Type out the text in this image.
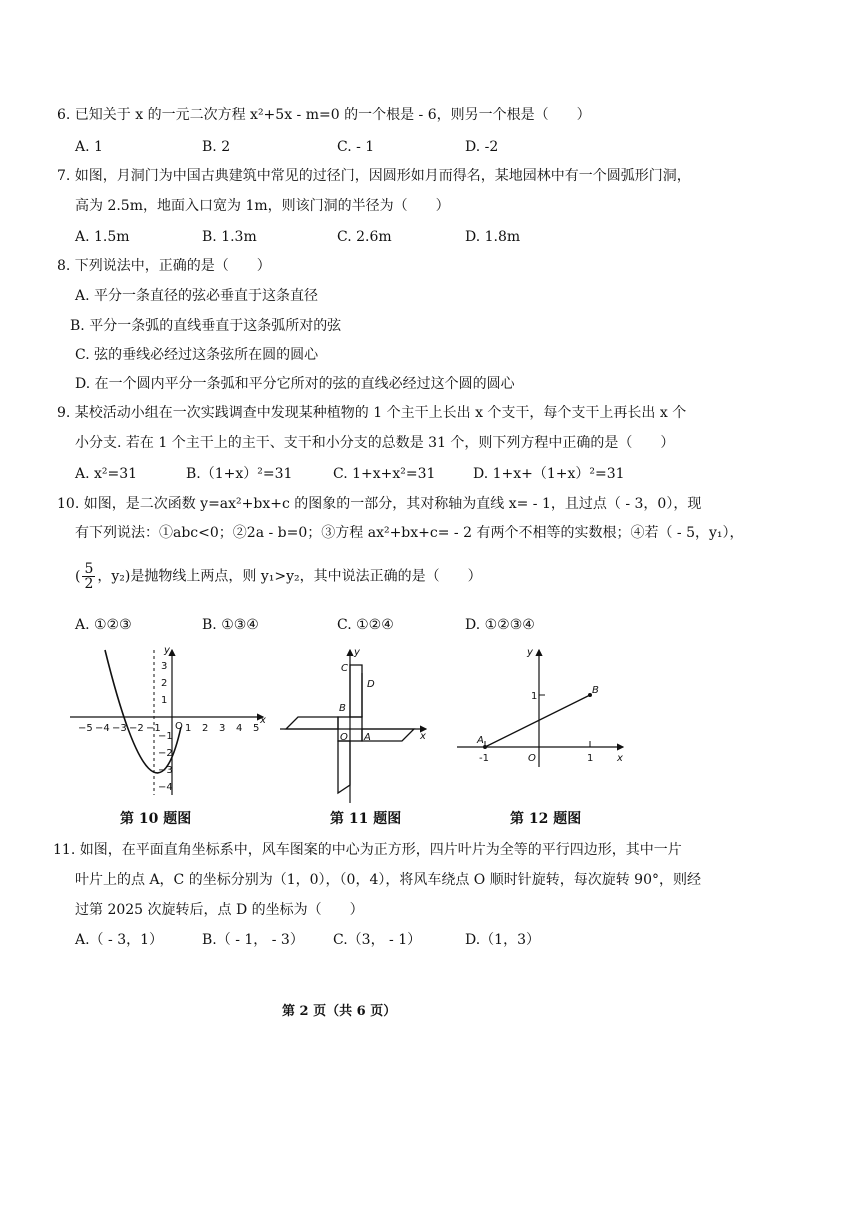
6. 已知关于 x 的一元二次方程 x²+5x - m=0 的一个根是 - 6，则另一个根是（　　）
A. 1	B. 2	C. - 1	D. -2
7. 如图，月洞门为中国古典建筑中常见的过径门，因圆形如月而得名，某地园林中有一个圆弧形门洞，
高为 2.5m，地面入口宽为 1m，则该门洞的半径为（　　）
A. 1.5m	B. 1.3m	C. 2.6m	D. 1.8m
8. 下列说法中，正确的是（　　）
A. 平分一条直径的弦必垂直于这条直径
B. 平分一条弧的直线垂直于这条弧所对的弦
C. 弦的垂线必经过这条弦所在圆的圆心
D. 在一个圆内平分一条弧和平分它所对的弦的直线必经过这个圆的圆心
9. 某校活动小组在一次实践调查中发现某种植物的 1 个主干上长出 x 个支干，每个支干上再长出 x 个
小分支. 若在 1 个主干上的主干、支干和小分支的总数是 31 个，则下列方程中正确的是（　　）
A. x²=31	B.（1+x）²=31	C. 1+x+x²=31	D. 1+x+（1+x）²=31
10. 如图，是二次函数 y=ax²+bx+c 的图象的一部分，其对称轴为直线 x= - 1，且过点（ - 3，0），现
有下列说法：①abc<0；②2a - b=0；③方程 ax²+bx+c= - 2 有两个不相等的实数根；④若（ - 5，y₁），
( $\frac{5}{2}$ ，y₂)是抛物线上两点，则 y₁>y₂，其中说法正确的是（　　）
A. ①②③	B. ①③④	C. ①②④	D. ①②③④
−5 −4 −3 −2 −1 1 2 3 4 5
1
2
3
−1
−2
−3
−4
O
x
y
第 10 题图
C
D
B
O A	x
y
第 11 题图
A
B
-1	1
1
O	x
y
第 12 题图
11. 如图，在平面直角坐标系中，风车图案的中心为正方形，四片叶片为全等的平行四边形，其中一片
叶片上的点 A，C 的坐标分别为（1，0），（0，4），将风车绕点 O 顺时针旋转，每次旋转 90°，则经
过第 2025 次旋转后，点 D 的坐标为（　　）
A.（ - 3，1）	B.（ - 1， - 3） C.（3， - 1）	D.（1，3）
第 2 页（共 6 页）
